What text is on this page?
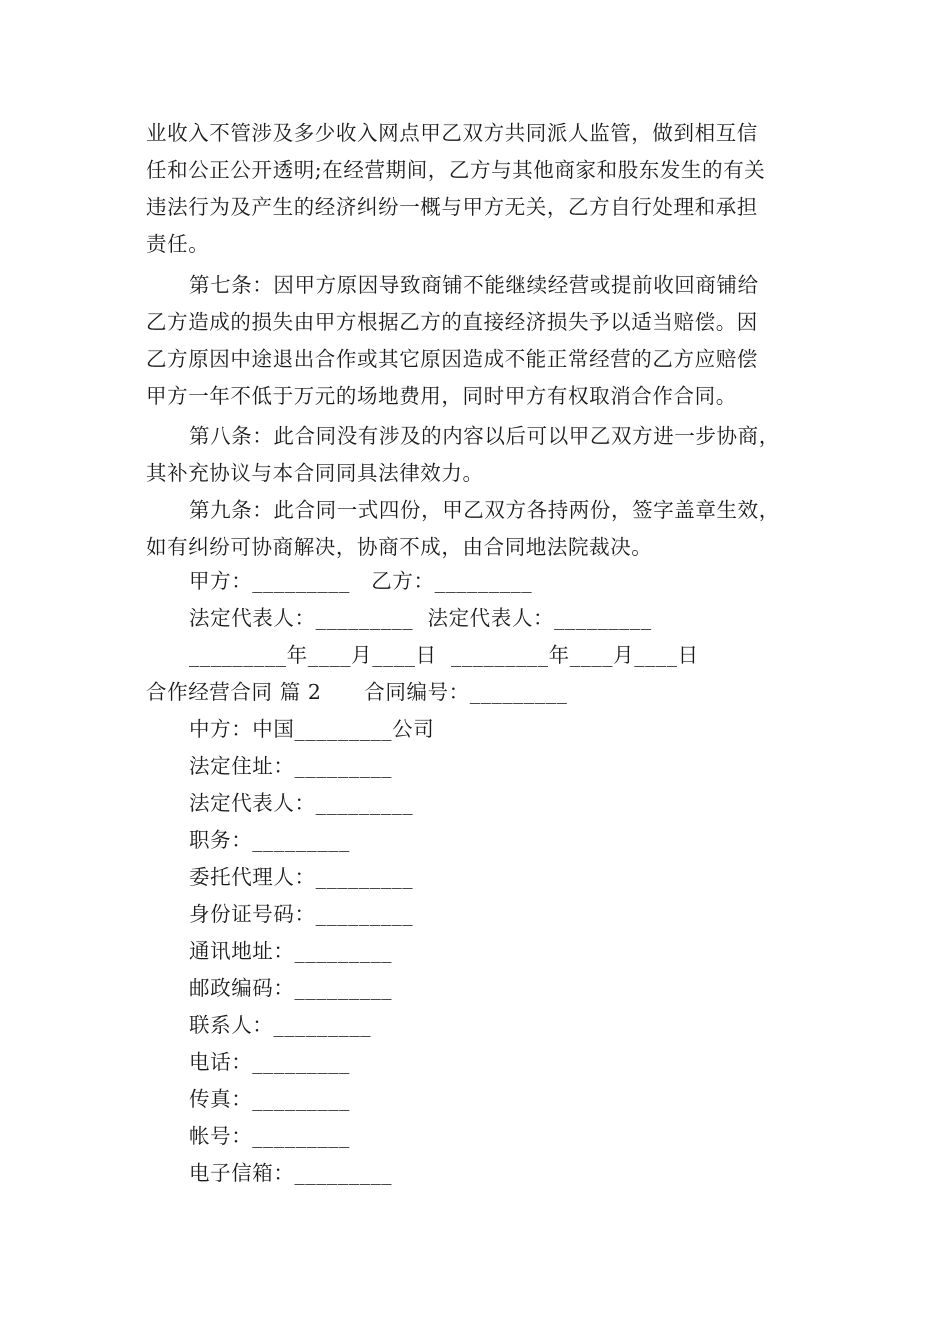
业收入不管涉及多少收入网点甲乙双方共同派人监管，做到相互信
任和公正公开透明;在经营期间，乙方与其他商家和股东发生的有关
违法行为及产生的经济纠纷一概与甲方无关，乙方自行处理和承担
责任。
第七条：因甲方原因导致商铺不能继续经营或提前收回商铺给
乙方造成的损失由甲方根据乙方的直接经济损失予以适当赔偿。因
乙方原因中途退出合作或其它原因造成不能正常经营的乙方应赔偿
甲方一年不低于万元的场地费用，同时甲方有权取消合作合同。
第八条：此合同没有涉及的内容以后可以甲乙双方进一步协商，
其补充协议与本合同同具法律效力。
第九条：此合同一式四份，甲乙双方各持两份，签字盖章生效，
如有纠纷可协商解决，协商不成，由合同地法院裁决。
甲方：_________   乙方：_________
法定代表人：_________  法定代表人：_________
_________年____月____日  _________年____月____日
合作经营合同 篇 2      合同编号：_________
中方：中国_________公司
法定住址：_________
法定代表人：_________
职务：_________
委托代理人：_________
身份证号码：_________
通讯地址：_________
邮政编码：_________
联系人：_________
电话：_________
传真：_________
帐号：_________
电子信箱：_________
